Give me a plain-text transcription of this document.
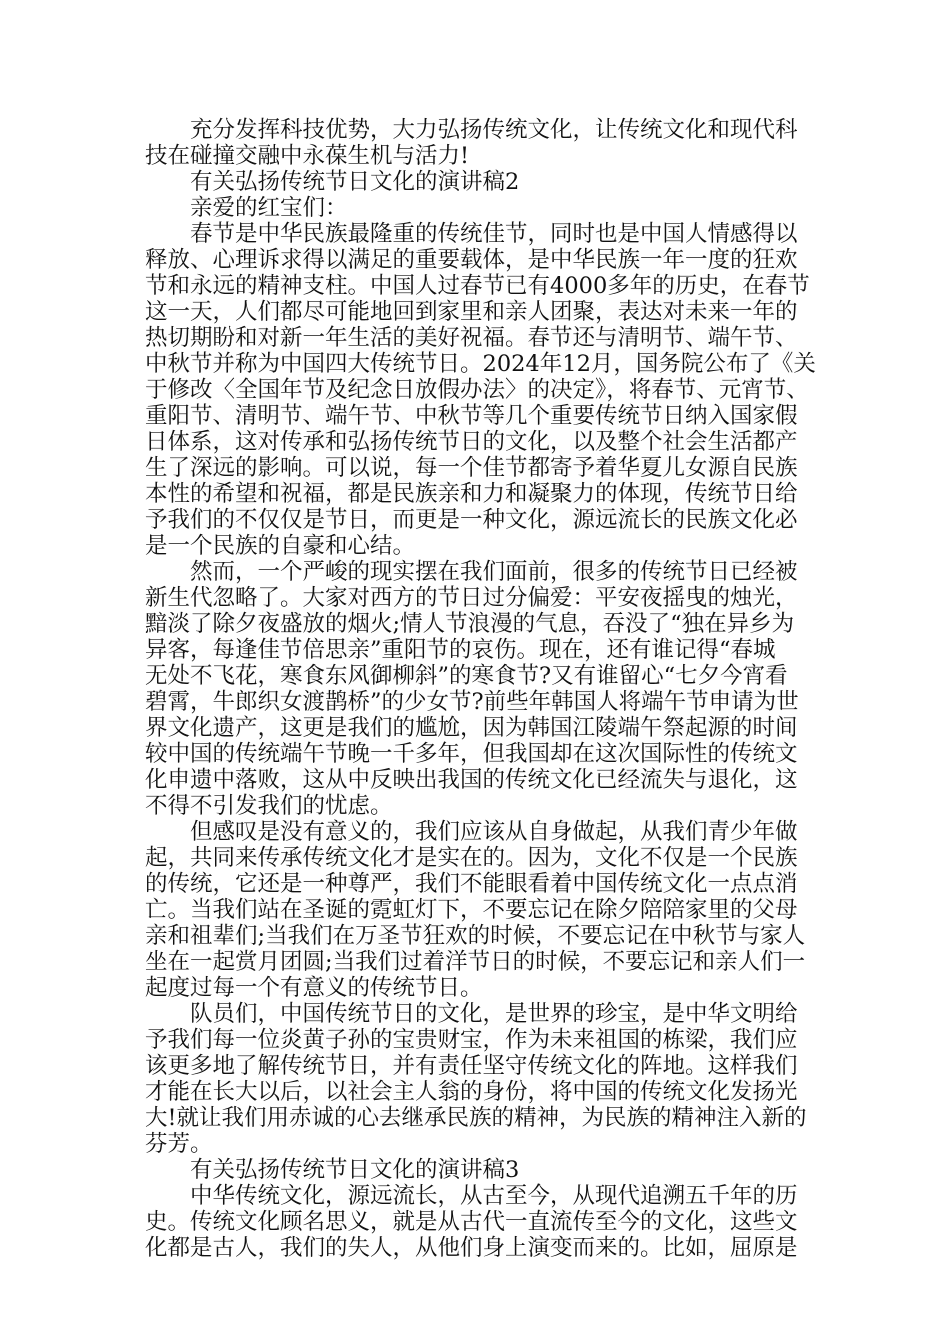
充分发挥科技优势，大力弘扬传统文化，让传统文化和现代科
技在碰撞交融中永葆生机与活力!
有关弘扬传统节日文化的演讲稿2
亲爱的红宝们：
春节是中华民族最隆重的传统佳节，同时也是中国人情感得以
释放、心理诉求得以满足的重要载体，是中华民族一年一度的狂欢
节和永远的精神支柱。中国人过春节已有4000多年的历史，在春节
这一天，人们都尽可能地回到家里和亲人团聚，表达对未来一年的
热切期盼和对新一年生活的美好祝福。春节还与清明节、端午节、
中秋节并称为中国四大传统节日。2024年12月，国务院公布了《关
于修改〈全国年节及纪念日放假办法〉的决定》，将春节、元宵节、
重阳节、清明节、端午节、中秋节等几个重要传统节日纳入国家假
日体系，这对传承和弘扬传统节日的文化，以及整个社会生活都产
生了深远的影响。可以说，每一个佳节都寄予着华夏儿女源自民族
本性的希望和祝福，都是民族亲和力和凝聚力的体现，传统节日给
予我们的不仅仅是节日，而更是一种文化，源远流长的民族文化必
是一个民族的自豪和心结。
然而，一个严峻的现实摆在我们面前，很多的传统节日已经被
新生代忽略了。大家对西方的节日过分偏爱：平安夜摇曳的烛光，
黯淡了除夕夜盛放的烟火;情人节浪漫的气息，吞没了“独在异乡为
异客，每逢佳节倍思亲”重阳节的哀伤。现在，还有谁记得“春城
无处不飞花，寒食东风御柳斜”的寒食节?又有谁留心“七夕今宵看
碧霄，牛郎织女渡鹊桥”的少女节?前些年韩国人将端午节申请为世
界文化遗产，这更是我们的尴尬，因为韩国江陵端午祭起源的时间
较中国的传统端午节晚一千多年，但我国却在这次国际性的传统文
化申遗中落败，这从中反映出我国的传统文化已经流失与退化，这
不得不引发我们的忧虑。
但感叹是没有意义的，我们应该从自身做起，从我们青少年做
起，共同来传承传统文化才是实在的。因为，文化不仅是一个民族
的传统，它还是一种尊严，我们不能眼看着中国传统文化一点点消
亡。当我们站在圣诞的霓虹灯下，不要忘记在除夕陪陪家里的父母
亲和祖辈们;当我们在万圣节狂欢的时候，不要忘记在中秋节与家人
坐在一起赏月团圆;当我们过着洋节日的时候，不要忘记和亲人们一
起度过每一个有意义的传统节日。
队员们，中国传统节日的文化，是世界的珍宝，是中华文明给
予我们每一位炎黄子孙的宝贵财宝，作为未来祖国的栋梁，我们应
该更多地了解传统节日，并有责任坚守传统文化的阵地。这样我们
才能在长大以后，以社会主人翁的身份，将中国的传统文化发扬光
大!就让我们用赤诚的心去继承民族的精神，为民族的精神注入新的
芬芳。
有关弘扬传统节日文化的演讲稿3
中华传统文化，源远流长，从古至今，从现代追溯五千年的历
史。传统文化顾名思义，就是从古代一直流传至今的文化，这些文
化都是古人，我们的失人，从他们身上演变而来的。比如，屈原是
